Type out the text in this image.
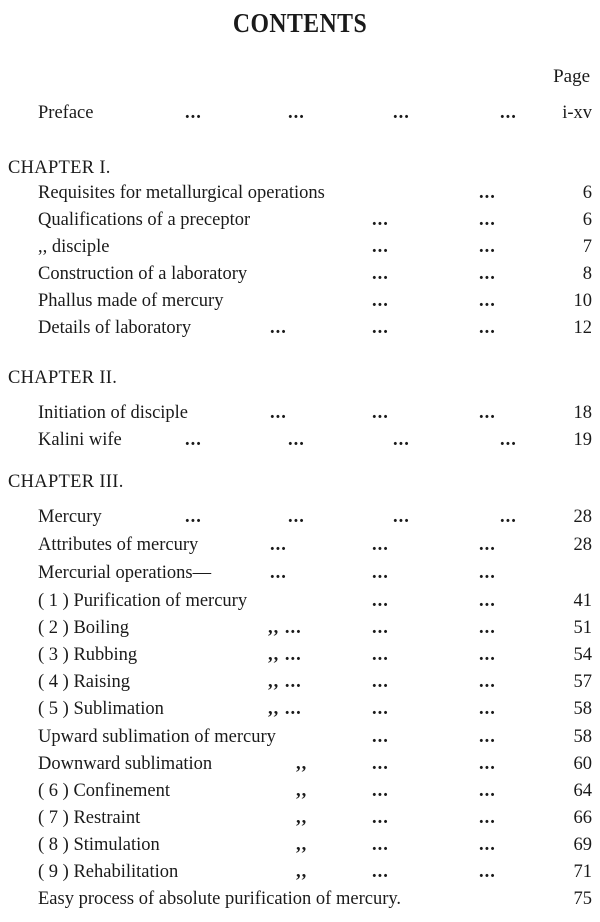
CONTENTS
Page
Preface	...	...	...	... i-xv
CHAPTER I.
Requisites for metallurgical operations	...	6
Qualifications of a preceptor	...	...	6
,, disciple	...	...	7
Construction of a laboratory	...	...	8
Phallus made of mercury	...	...	10
Details of laboratory	...	...	...	12
CHAPTER II.
Initiation of disciple	...	...	...	18
Kalini wife	...	...	...	...	19
CHAPTER III.
Mercury	...	...	...	...	28
Attributes of mercury	...	...	...	28
Mercurial operations—	...	...	...
( 1 ) Purification of mercury	...	...	41
( 2 ) Boiling	,, ...	...	...	51
( 3 ) Rubbing	,, ...	...	...	54
( 4 ) Raising	,, ...	...	...	57
( 5 ) Sublimation	,, ...	...	...	58
Upward sublimation of mercury	...	...	58
Downward sublimation	,,	...	...	60
( 6 ) Confinement	,,	...	...	64
( 7 ) Restraint	,,	...	...	66
( 8 ) Stimulation	,,	...	...	69
( 9 ) Rehabilitation	,,	...	...	71
Easy process of absolute purification of mercury.	75
